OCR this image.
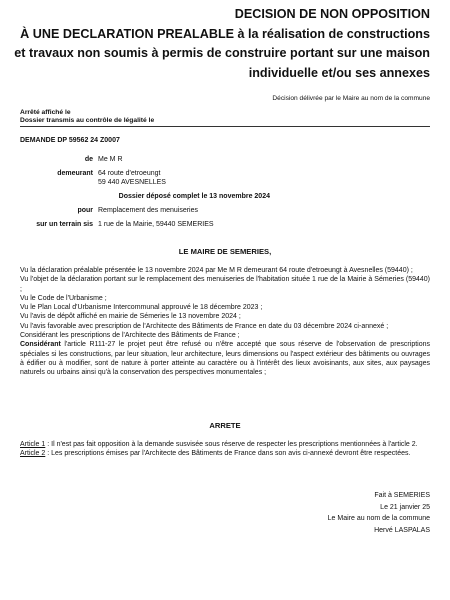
DECISION DE NON OPPOSITION
À UNE DECLARATION PREALABLE à la réalisation de constructions
et travaux non soumis à permis de construire portant sur une maison
individuelle et/ou ses annexes
Décision délivrée par le Maire au nom de la commune
Arrêté affiché le
Dossier transmis au contrôle de légalité le
DEMANDE DP 59562 24 Z0007
de Me M R
demeurant 64 route d'etroeungt
59 440 AVESNELLES
Dossier déposé complet le 13 novembre 2024
pour Remplacement des menuiseries
sur un terrain sis 1 rue de la Mairie, 59440 SEMERIES
LE MAIRE DE SEMERIES,

Vu la déclaration préalable présentée le 13 novembre 2024 par Me M R demeurant 64 route d'etroeungt à Avesnelles (59440) ;

Vu l'objet de la déclaration portant sur le remplacement des menuiseries de l'habitation située 1 rue de la Mairie à Sémeries (59440) ;

Vu le Code de l'Urbanisme ;

Vu le Plan Local d'Urbanisme Intercommunal approuvé le 18 décembre 2023 ;

Vu l'avis de dépôt affiché en mairie de Sémeries le 13 novembre 2024 ;

Vu l'avis favorable avec prescription de l'Architecte des Bâtiments de France en date du 03 décembre 2024 ci-annexé ;

Considérant les prescriptions de l'Architecte des Bâtiments de France ;

Considérant l'article R111-27 le projet peut être refusé ou n'être accepté que sous réserve de l'observation de prescriptions spéciales si les constructions, par leur situation, leur architecture, leurs dimensions ou l'aspect extérieur des bâtiments ou ouvrages à édifier ou à modifier, sont de nature à porter atteinte au caractère ou à l'intérêt des lieux avoisinants, aux sites, aux paysages naturels ou urbains ainsi qu'à la conservation des perspectives monumentales ;

ARRETE

Article 1 : Il n'est pas fait opposition à la demande susvisée sous réserve de respecter les prescriptions mentionnées à l'article 2.

Article 2 : Les prescriptions émises par l'Architecte des Bâtiments de France dans son avis ci-annexé devront être respectées.

Fait à SEMERIES
Le 21 janvier 25
Le Maire au nom de la commune
Hervé LASPALAS
